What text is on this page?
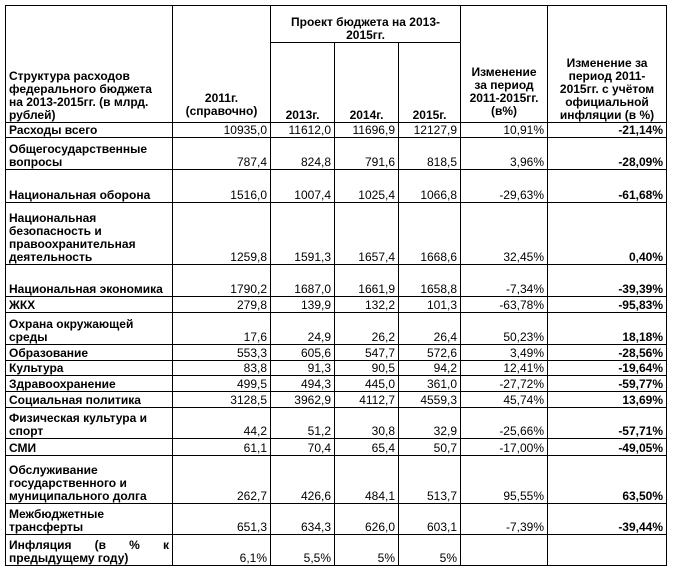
Структура расходов федерального бюджета на 2013-2015гг. (в млрд. рублей)	2011г. (справочно)	Проект бюджета на 2013-2015гг.			Изменение за период 2011-2015гг. (в%)	Изменение за период 2011-2015гг. с учётом официальной инфляции (в %)
		2013г.	2014г.	2015г.		
Расходы всего	10935,0	11612,0	11696,9	12127,9	10,91%	-21,14%
Общегосударственные вопросы	787,4	824,8	791,6	818,5	3,96%	-28,09%
Национальная оборона	1516,0	1007,4	1025,4	1066,8	-29,63%	-61,68%
Национальная безопасность и правоохранительная деятельность	1259,8	1591,3	1657,4	1668,6	32,45%	0,40%
Национальная экономика	1790,2	1687,0	1661,9	1658,8	-7,34%	-39,39%
ЖКХ	279,8	139,9	132,2	101,3	-63,78%	-95,83%
Охрана окружающей среды	17,6	24,9	26,2	26,4	50,23%	18,18%
Образование	553,3	605,6	547,7	572,6	3,49%	-28,56%
Культура	83,8	91,3	90,5	94,2	12,41%	-19,64%
Здравоохранение	499,5	494,3	445,0	361,0	-27,72%	-59,77%
Социальная политика	3128,5	3962,9	4112,7	4559,3	45,74%	13,69%
Физическая культура и спорт	44,2	51,2	30,8	32,9	-25,66%	-57,71%
СМИ	61,1	70,4	65,4	50,7	-17,00%	-49,05%
Обслуживание государственного и муниципального долга	262,7	426,6	484,1	513,7	95,55%	63,50%
Межбюджетные трансферты	651,3	634,3	626,0	603,1	-7,39%	-39,44%

Инфляция (в % к
предыдущему году)	6,1%	5,5%	5%	5%		
